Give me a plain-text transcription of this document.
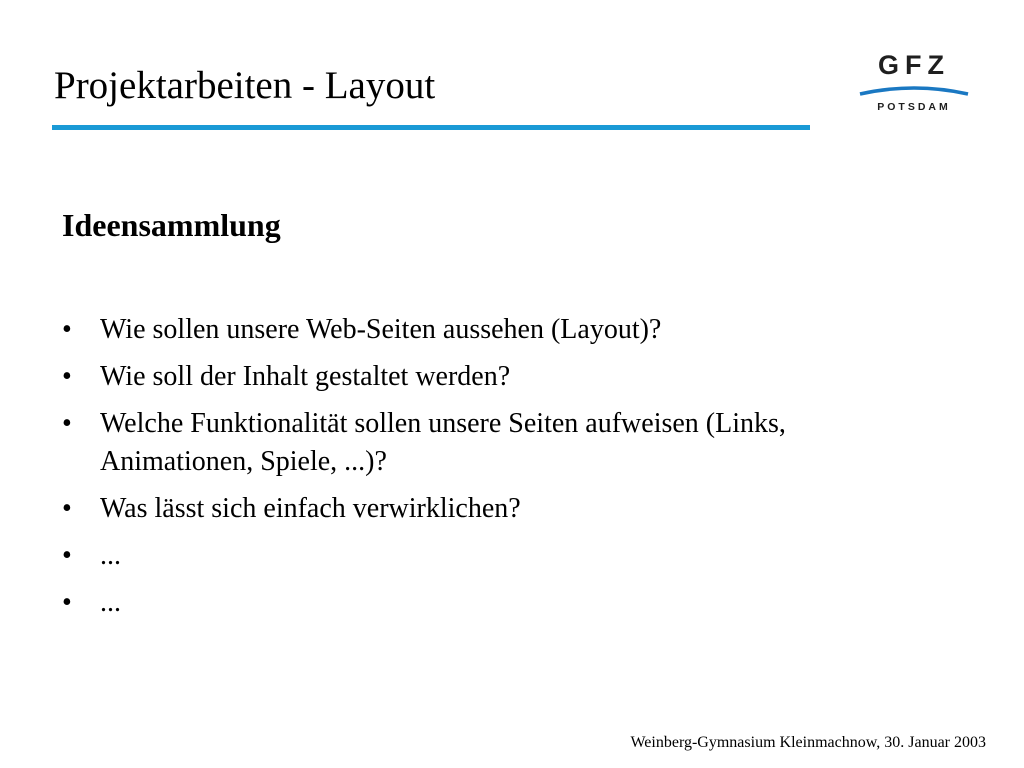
Projektarbeiten - Layout	GFZ
POTSDAM
Ideensammlung
•	Wie sollen unsere Web-Seiten aussehen (Layout)?
•	Wie soll der Inhalt gestaltet werden?
•	Welche Funktionalität sollen unsere Seiten aufweisen (Links, Animationen, Spiele, ...)?
•	Was lässt sich einfach verwirklichen?
•	...
•	...
Weinberg-Gymnasium Kleinmachnow, 30. Januar 2003
